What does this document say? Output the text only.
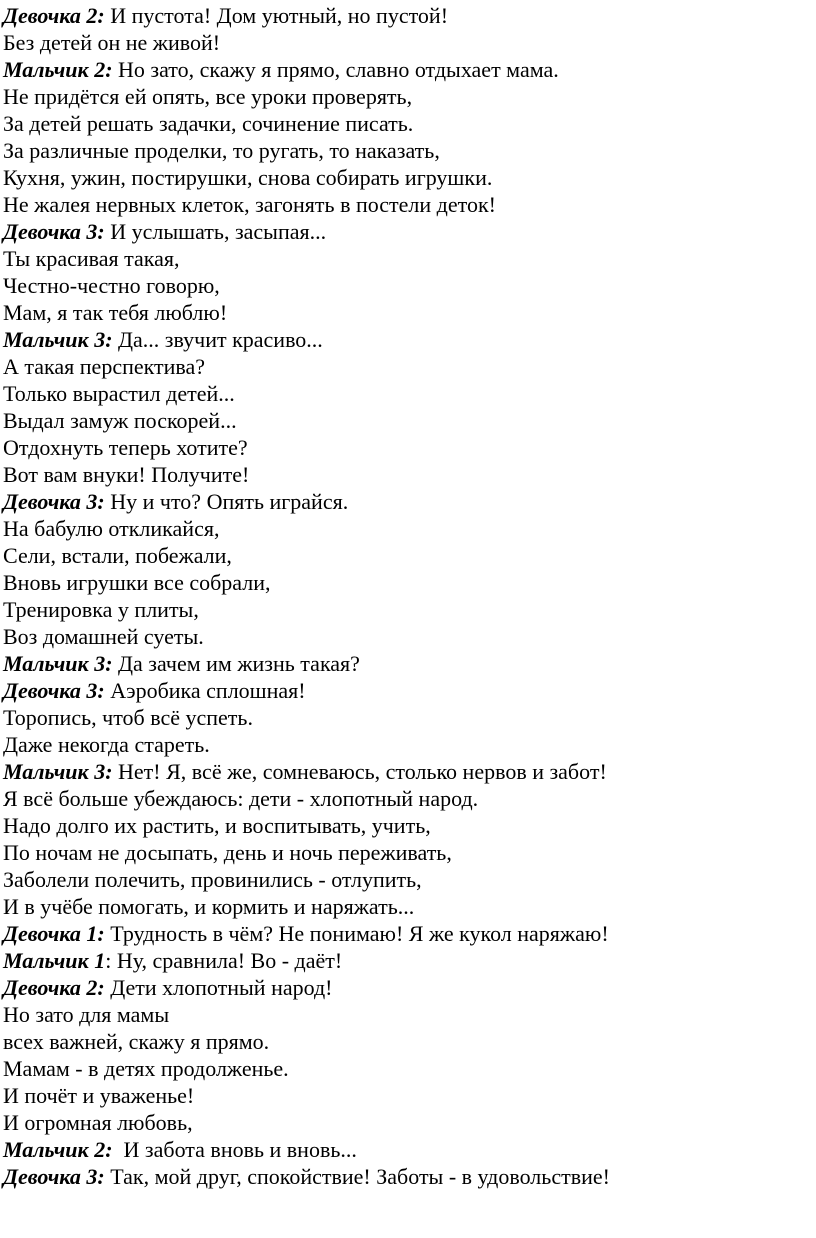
Девочка 2: И пустота! Дом уютный, но пустой!
Без детей он не живой!
Мальчик 2: Но зато, скажу я прямо, славно отдыхает мама.
Не придётся ей опять, все уроки проверять,
За детей решать задачки, сочинение писать.
За различные проделки, то ругать, то наказать,
Кухня, ужин, постирушки, снова собирать игрушки.
Не жалея нервных клеток, загонять в постели деток!
Девочка 3: И услышать, засыпая...
Ты красивая такая,
Честно-честно говорю,
Мам, я так тебя люблю!
Мальчик 3: Да... звучит красиво...
А такая перспектива?
Только вырастил детей...
Выдал замуж поскорей...
Отдохнуть теперь хотите?
Вот вам внуки! Получите!
Девочка 3: Ну и что? Опять играйся.
На бабулю откликайся,
Сели, встали, побежали,
Вновь игрушки все собрали,
Тренировка у плиты,
Воз домашней суеты.
Мальчик 3: Да зачем им жизнь такая?
Девочка 3: Аэробика сплошная!
Торопись, чтоб всё успеть.
Даже некогда стареть.
Мальчик 3: Нет! Я, всё же, сомневаюсь, столько нервов и забот!
Я всё больше убеждаюсь: дети - хлопотный народ.
Надо долго их растить, и воспитывать, учить,
По ночам не досыпать, день и ночь переживать,
Заболели полечить, провинились - отлупить,
И в учёбе помогать, и кормить и наряжать...
Девочка 1: Трудность в чём? Не понимаю! Я же кукол наряжаю!
Мальчик 1: Ну, сравнила! Во - даёт!
Девочка 2: Дети хлопотный народ!
Но зато для мамы
всех важней, скажу я прямо.
Мамам - в детях продолженье.
И почёт и уваженье!
И огромная любовь,
Мальчик 2:  И забота вновь и вновь...
Девочка 3: Так, мой друг, спокойствие! Заботы - в удовольствие!
